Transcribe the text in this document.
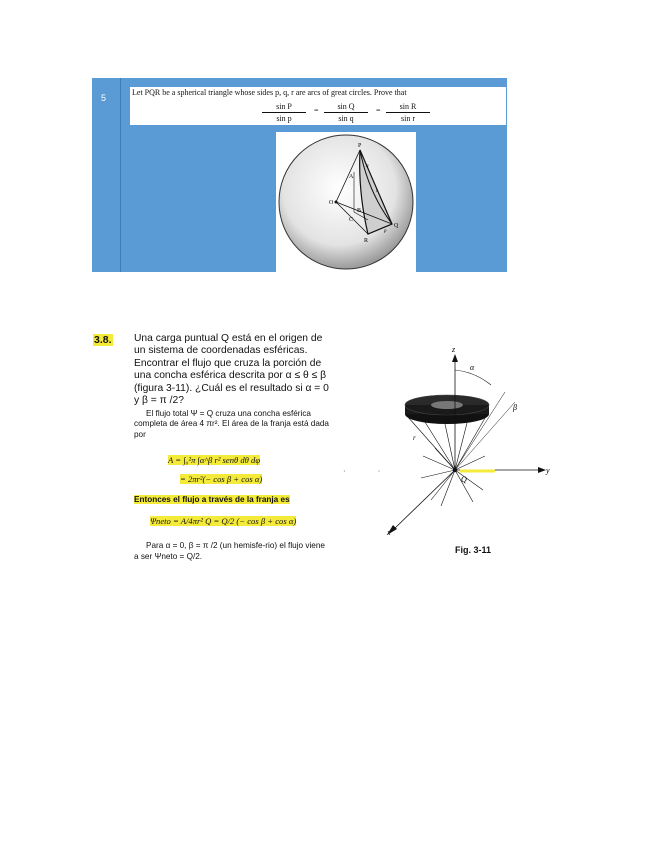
5
Let PQR be a spherical triangle whose sides p, q, r are arcs of great circles. Prove that
sin P
sin p
=	sin Q
sin q
=	sin R
sin r
P
A
O
B
C
R
Q
p
q
r
3.8. Una carga puntual Q está en el origen de un sistema de coordenadas esféricas. Encontrar el flujo que cruza la porción de una concha esférica descrita por α ≤ θ ≤ β (figura 3-11). ¿Cuál es el resultado si α = 0 y β = π /2?
El flujo total Ψ = Q cruza una concha esférica completa de área 4 πr². El área de la franja está dada por
A = ∫₀²π ∫α^β r² senθ dθ dφ
= 2πr²(− cos β + cos α)
Entonces el flujo a través de la franja es
Ψneto = A/4πr² Q = Q/2 (− cos β + cos α)
Para α = 0, β = π /2 (un hemisfe-rio) el flujo viene a ser Ψneto = Q/2.
·                ·
z
y
x
r
α
β
Q
Fig. 3-11
